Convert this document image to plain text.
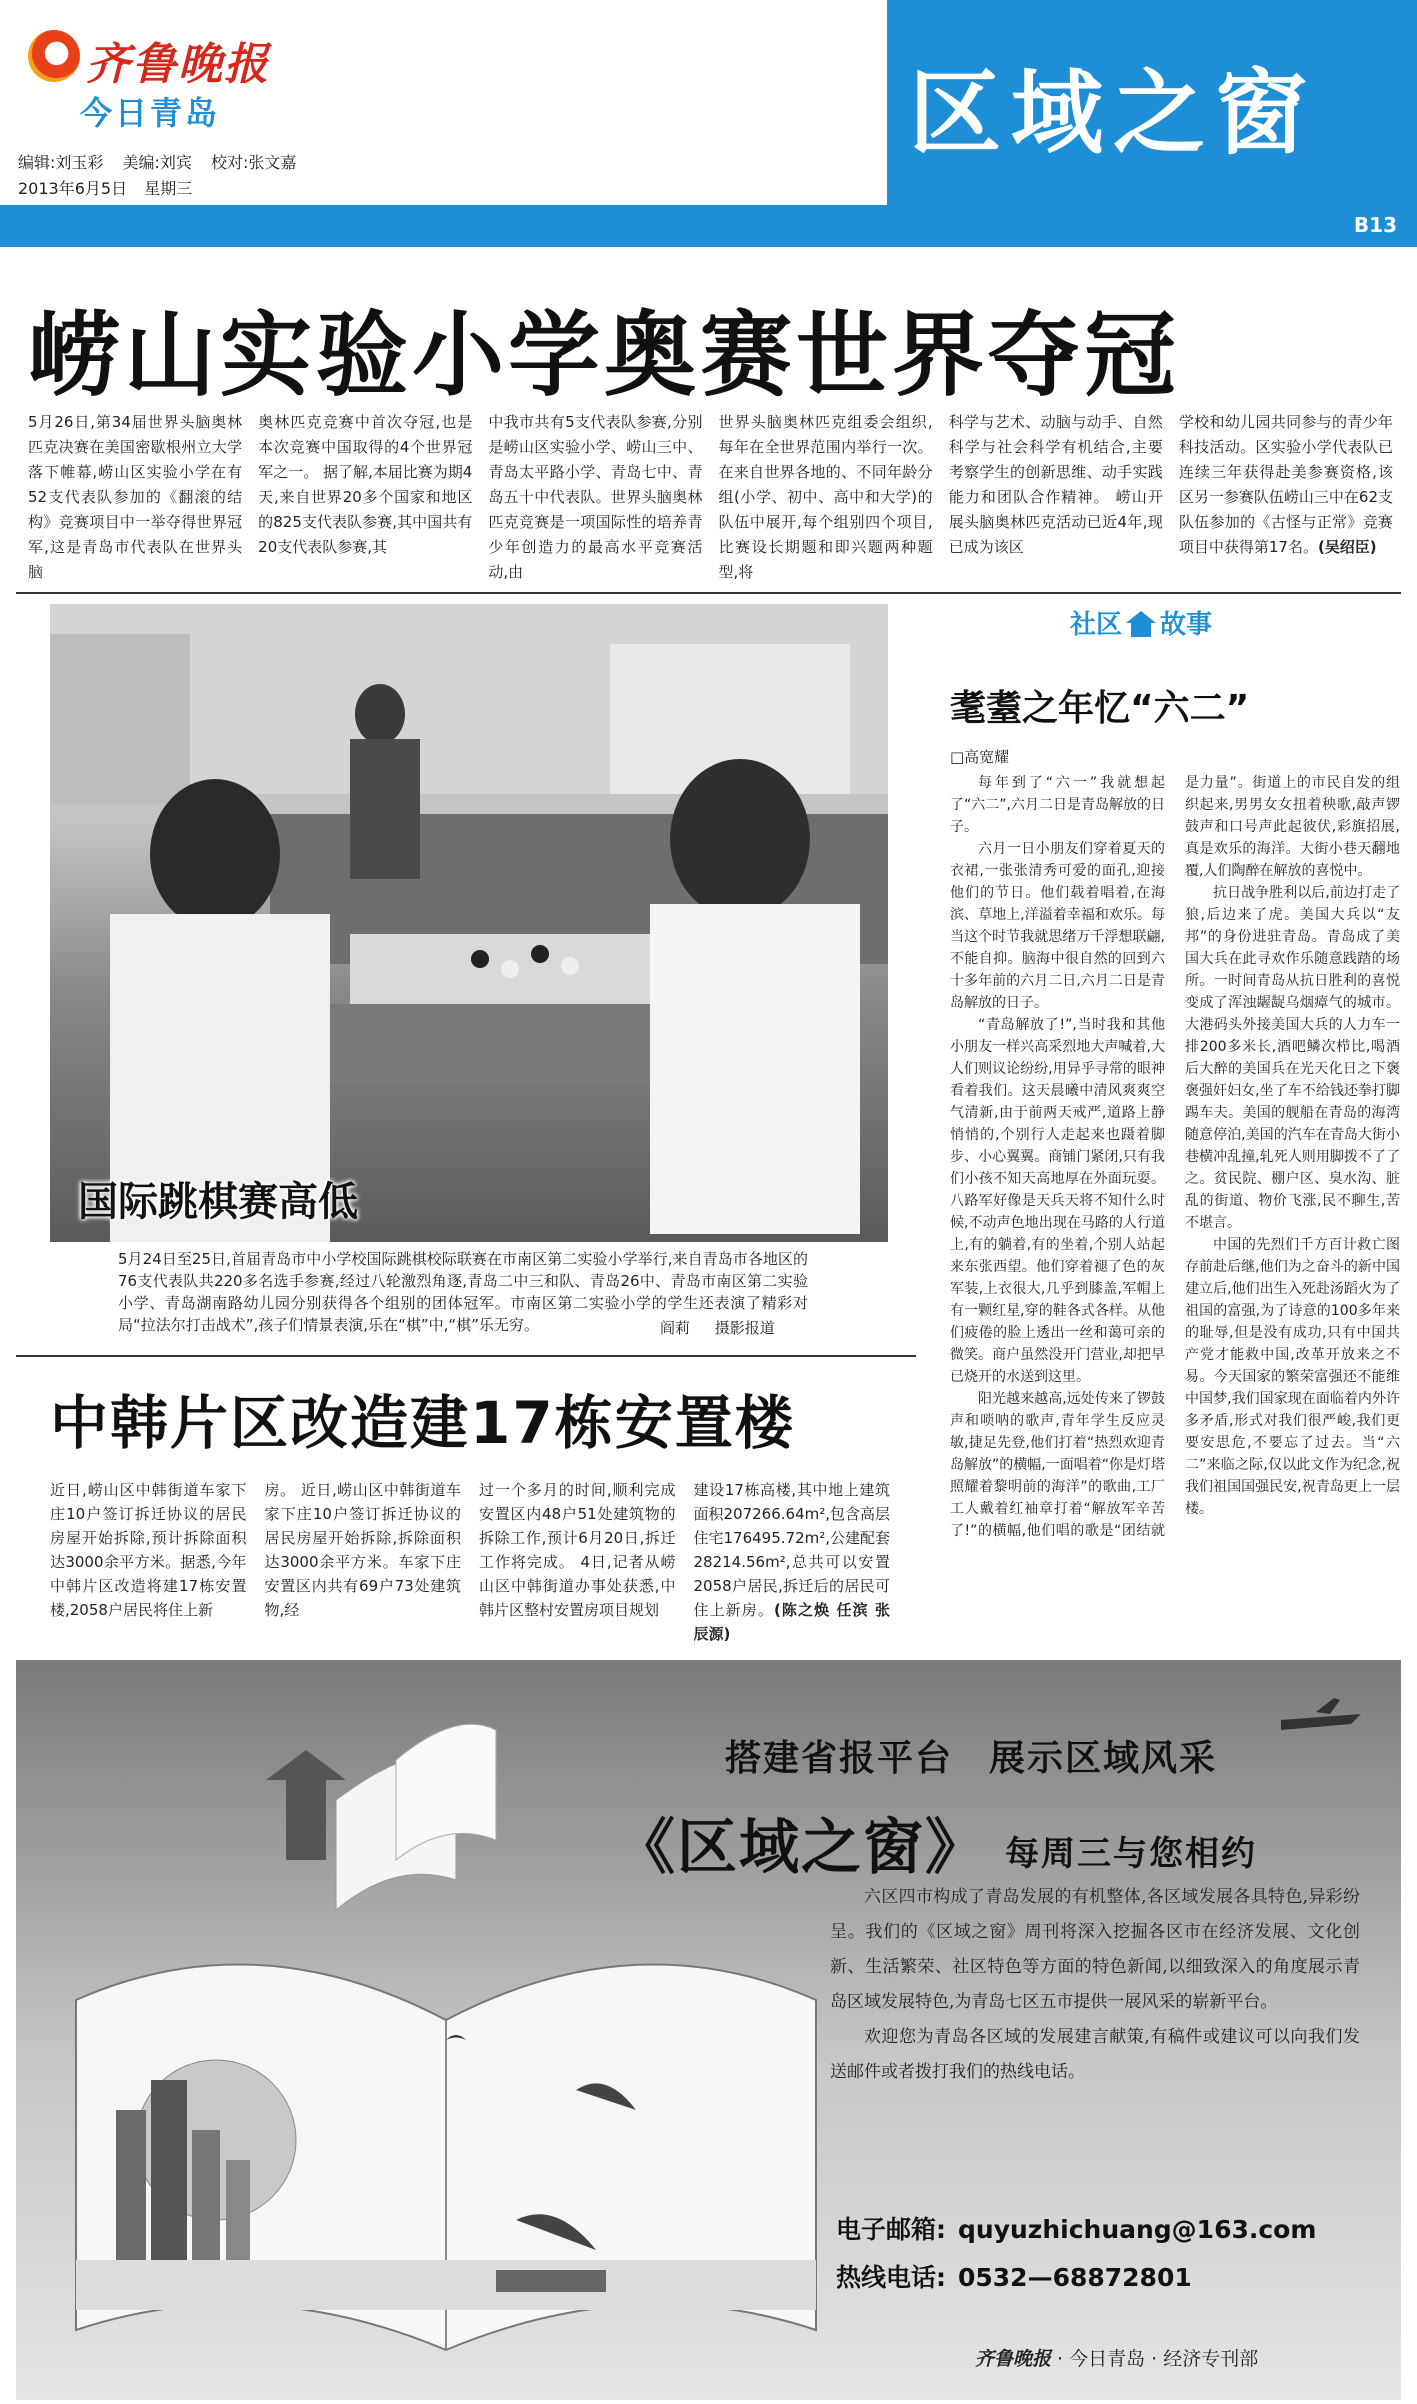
齐鲁晚报
今日青岛
编辑:刘玉彩 美编:刘宾 校对:张文嘉
2013年6月5日 星期三
区域之窗
B13
崂山实验小学奥赛世界夺冠
5月26日,第34届世界头脑奥林匹克决赛在美国密歇根州立大学落下帷幕,崂山区实验小学在有52支代表队参加的《翻滚的结构》竞赛项目中一举夺得世界冠军,这是青岛市代表队在世界头脑
奥林匹克竞赛中首次夺冠,也是本次竞赛中国取得的4个世界冠军之一。 据了解,本届比赛为期4天,来自世界20多个国家和地区的825支代表队参赛,其中国共有20支代表队参赛,其
中我市共有5支代表队参赛,分别是崂山区实验小学、崂山三中、青岛太平路小学、青岛七中、青岛五十中代表队。世界头脑奥林匹克竞赛是一项国际性的培养青少年创造力的最高水平竞赛活动,由
世界头脑奥林匹克组委会组织,每年在全世界范围内举行一次。在来自世界各地的、不同年龄分组(小学、初中、高中和大学)的队伍中展开,每个组别四个项目,比赛设长期题和即兴题两种题型,将
科学与艺术、动脑与动手、自然科学与社会科学有机结合,主要考察学生的创新思维、动手实践能力和团队合作精神。 崂山开展头脑奥林匹克活动已近4年,现已成为该区
学校和幼儿园共同参与的青少年科技活动。区实验小学代表队已连续三年获得赴美参赛资格,该区另一参赛队伍崂山三中在62支队伍参加的《古怪与正常》竞赛项目中获得第17名。(吴绍臣)
国际跳棋赛高低
5月24日至25日,首届青岛市中小学校国际跳棋校际联赛在市南区第二实验小学举行,来自青岛市各地区的76支代表队共220多名选手参赛,经过八轮激烈角逐,青岛二中三和队、青岛26中、青岛市南区第二实验小学、青岛湖南路幼儿园分别获得各个组别的团体冠军。市南区第二实验小学的学生还表演了精彩对局“拉法尔打击战术”,孩子们情景表演,乐在“棋”中,“棋”乐无穷。	阎莉 摄影报道
中韩片区改造建17栋安置楼
近日,崂山区中韩街道车家下庄10户签订拆迁协议的居民房屋开始拆除,预计拆除面积达3000余平方米。据悉,今年中韩片区改造将建17栋安置楼,2058户居民将住上新
房。 近日,崂山区中韩街道车家下庄10户签订拆迁协议的居民房屋开始拆除,拆除面积达3000余平方米。车家下庄安置区内共有69户73处建筑物,经
过一个多月的时间,顺利完成安置区内48户51处建筑物的拆除工作,预计6月20日,拆迁工作将完成。 4日,记者从崂山区中韩街道办事处获悉,中韩片区整村安置房项目规划
建设17栋高楼,其中地上建筑面积207266.64m²,包含高层住宅176495.72m²,公建配套28214.56m²,总共可以安置2058户居民,拆迁后的居民可住上新房。(陈之焕 任滨 张辰源)
社区 故事
耄耋之年忆“六二”
□高宽耀

每年到了“六一”我就想起了“六二”,六月二日是青岛解放的日子。

六月一日小朋友们穿着夏天的衣裙,一张张清秀可爱的面孔,迎接他们的节日。他们载着唱着,在海滨、草地上,洋溢着幸福和欢乐。每当这个时节我就思绪万千浮想联翩,不能自抑。脑海中很自然的回到六十多年前的六月二日,六月二日是青岛解放的日子。

“青岛解放了!”,当时我和其他小朋友一样兴高采烈地大声喊着,大人们则议论纷纷,用异乎寻常的眼神看着我们。这天晨曦中清风爽爽空气清新,由于前两天戒严,道路上静悄悄的,个别行人走起来也蹑着脚步、小心翼翼。商铺门紧闭,只有我们小孩不知天高地厚在外面玩耍。八路军好像是天兵天将不知什么时候,不动声色地出现在马路的人行道上,有的躺着,有的坐着,个别人站起来东张西望。他们穿着褪了色的灰军装,上衣很大,几乎到膝盖,军帽上有一颗红星,穿的鞋各式各样。从他们疲倦的脸上透出一丝和蔼可亲的微笑。商户虽然没开门营业,却把早已烧开的水送到这里。

阳光越来越高,远处传来了锣鼓声和唢呐的歌声,青年学生反应灵敏,捷足先登,他们打着“热烈欢迎青岛解放”的横幅,一面唱着“你是灯塔照耀着黎明前的海洋”的歌曲,工厂工人戴着红袖章打着“解放军辛苦了!”的横幅,他们唱的歌是“团结就是力量”。街道上的市民自发的组织起来,男男女女扭着秧歌,敲声锣鼓声和口号声此起彼伏,彩旗招展,真是欢乐的海洋。大街小巷天翻地覆,人们陶醉在解放的喜悦中。

抗日战争胜利以后,前边打走了狼,后边来了虎。美国大兵以“友邦”的身份进驻青岛。青岛成了美国大兵在此寻欢作乐随意践踏的场所。一时间青岛从抗日胜利的喜悦变成了浑浊龌龊乌烟瘴气的城市。大港码头外接美国大兵的人力车一排200多米长,酒吧鳞次栉比,喝酒后大醉的美国兵在光天化日之下褒褒强奸妇女,坐了车不给钱还拳打脚踢车夫。美国的舰船在青岛的海湾随意停泊,美国的汽车在青岛大街小巷横冲乱撞,轧死人则用脚拨不了了之。贫民院、棚户区、臭水沟、脏乱的街道、物价飞涨,民不聊生,苦不堪言。

中国的先烈们千方百计救亡图存前赴后继,他们为之奋斗的新中国建立后,他们出生入死赴汤蹈火为了祖国的富强,为了诗意的100多年来的耻辱,但是没有成功,只有中国共产党才能救中国,改革开放来之不易。今天国家的繁荣富强还不能维中国梦,我们国家现在面临着内外许多矛盾,形式对我们很严峻,我们更要安思危,不要忘了过去。当“六二”来临之际,仅以此文作为纪念,祝我们祖国国强民安,祝青岛更上一层楼。

搭建省报平台 展示区域风采
《区域之窗》 每周三与您相约

六区四市构成了青岛发展的有机整体,各区域发展各具特色,异彩纷呈。我们的《区域之窗》周刊将深入挖掘各区市在经济发展、文化创新、生活繁荣、社区特色等方面的特色新闻,以细致深入的角度展示青岛区域发展特色,为青岛七区五市提供一展风采的崭新平台。

欢迎您为青岛各区域的发展建言献策,有稿件或建议可以向我们发送邮件或者拨打我们的热线电话。

电子邮箱: quyuzhichuang@163.com
热线电话: 0532—68872801
齐鲁晚报 · 今日青岛 · 经济专刊部
